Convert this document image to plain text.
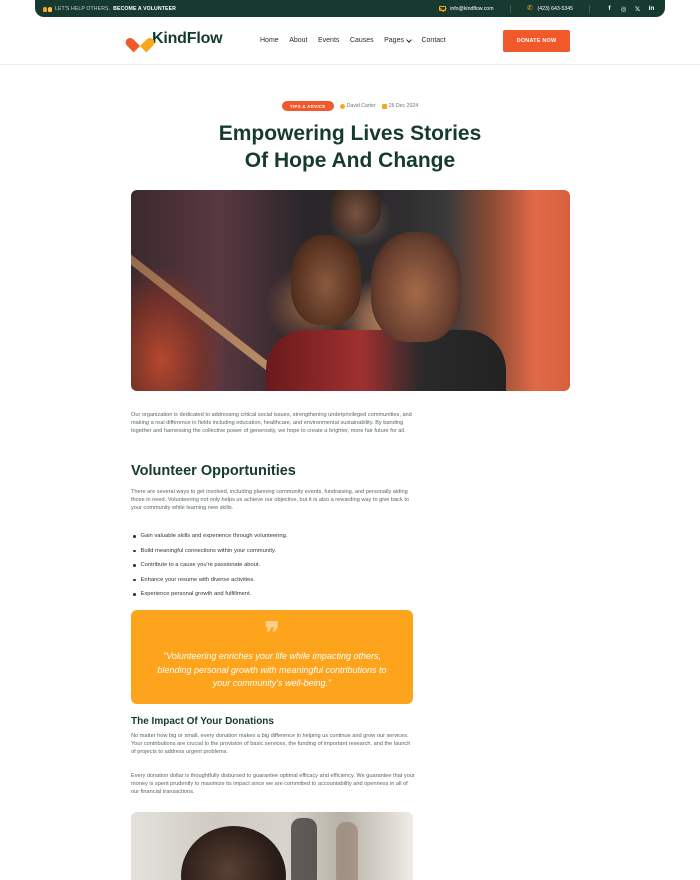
LET'S HELP OTHERS. BECOME A VOLUNTEER	info@kindflow.com	✆ (423) 643-5345	f	◎ 𝕏 in
KindFlow	Home About Events Causes Pages	Contact	DONATE NOW
TIPS & ADVICE	David Carter	26 Dec 2024
Empowering Lives Stories
Of Hope And Change

Our organization is dedicated to addressing critical social issues, strengthening underprivileged communities, and making a real difference in fields including education, healthcare, and environmental sustainability. By banding together and harnessing the collective power of generosity, we hope to create a brighter, more fair future for all.

Volunteer Opportunities

There are several ways to get involved, including planning community events, fundraising, and personally aiding those in need. Volunteering not only helps us achieve our objective, but it is also a rewarding way to give back to your community while learning new skills.

Gain valuable skills and experience through volunteering.
Build meaningful connections within your community.
Contribute to a cause you're passionate about.
Enhance your resume with diverse activities.
Experience personal growth and fulfillment.
❞
"Volunteering enriches your life while impacting others, blending personal growth with meaningful contributions to your community's well-being."
The Impact Of Your Donations

No matter how big or small, every donation makes a big difference in helping us continue and grow our services. Your contributions are crucial to the provision of basic services, the funding of important research, and the launch of projects to address urgent problems.

Every donation dollar is thoughtfully disbursed to guarantee optimal efficacy and efficiency. We guarantee that your money is spent prudently to maximize its impact since we are committed to accountability and openness in all of our financial transactions.
